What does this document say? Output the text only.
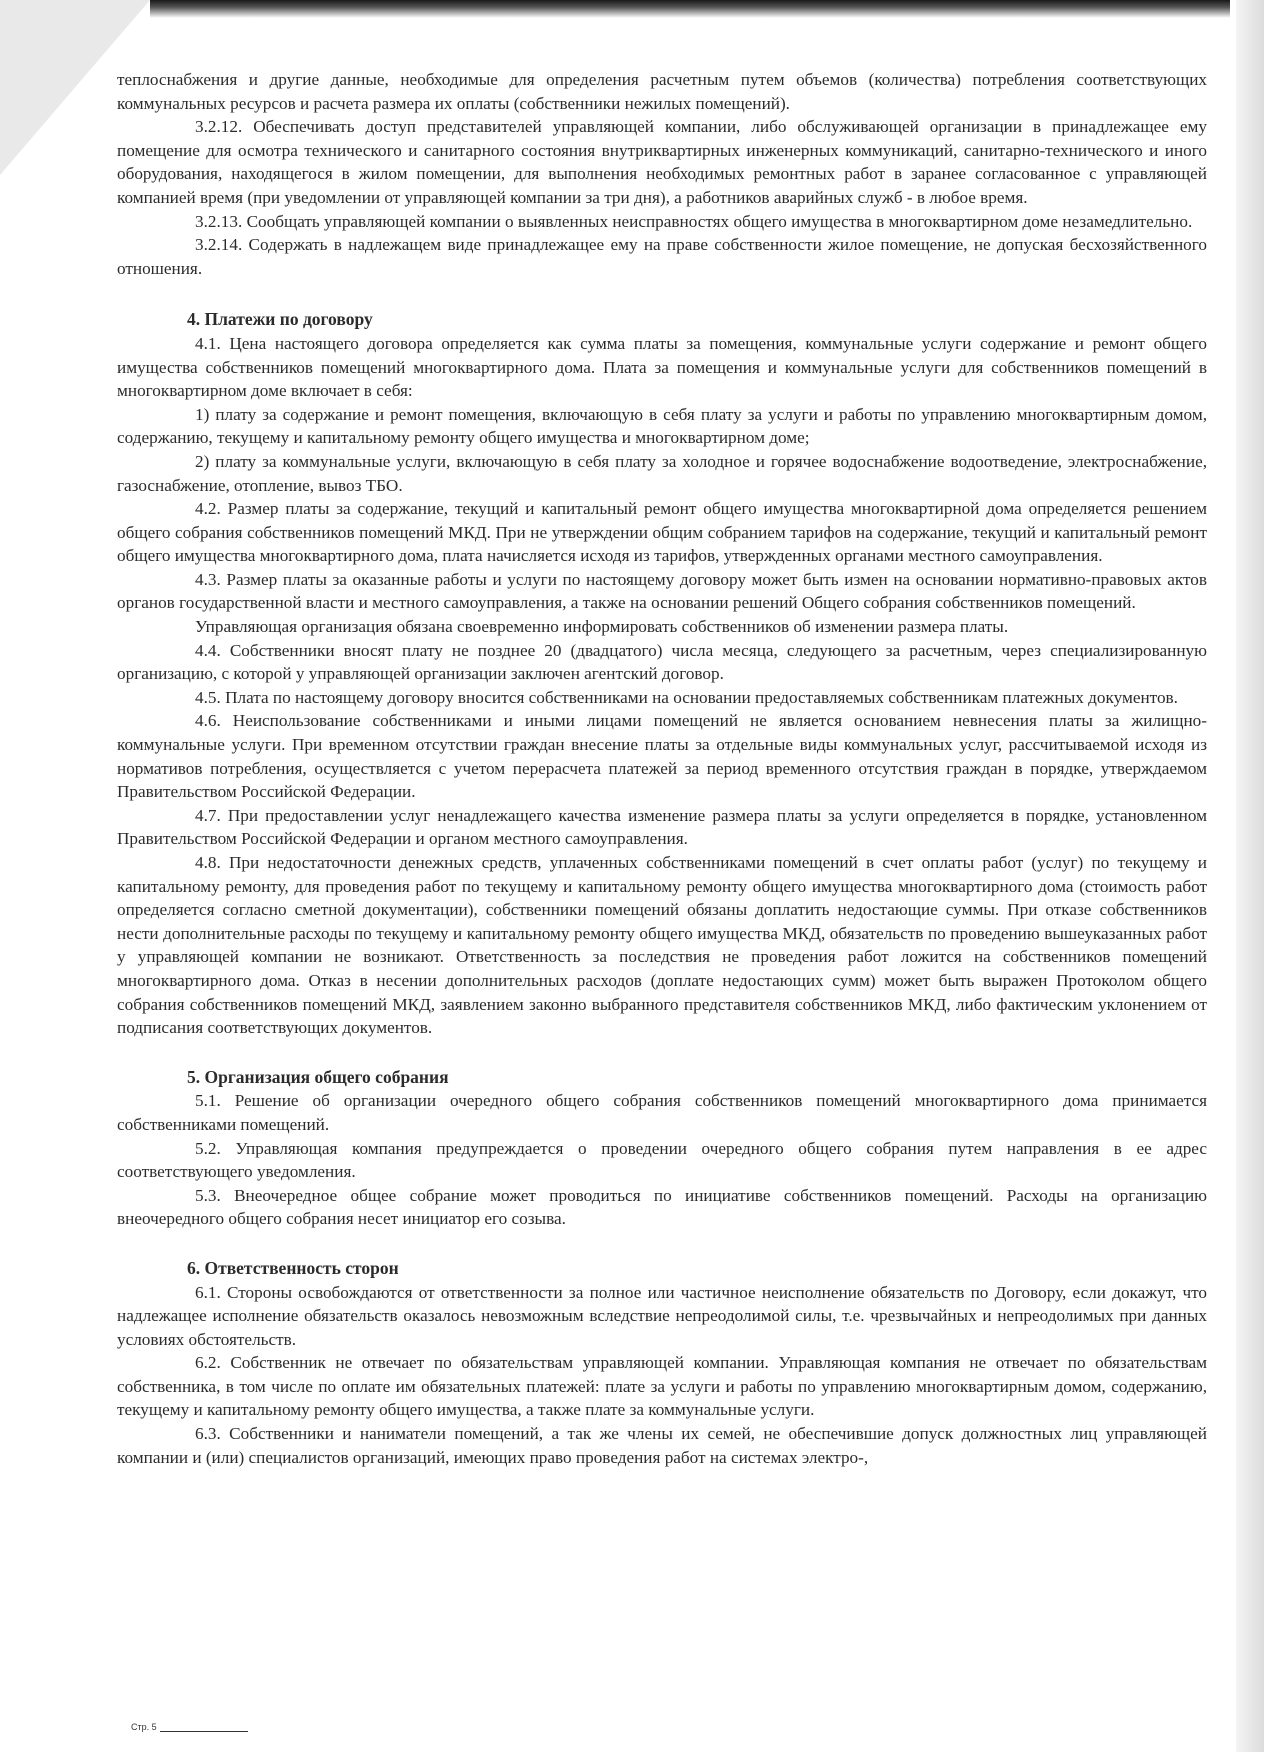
теплоснабжения и другие данные, необходимые для определения расчетным путем объемов (количества) потребления соответствующих коммунальных ресурсов и расчета размера их оплаты (собственники нежилых помещений).

3.2.12. Обеспечивать доступ представителей управляющей компании, либо обслуживающей организации в принадлежащее ему помещение для осмотра технического и санитарного состояния внутриквартирных инженерных коммуникаций, санитарно-технического и иного оборудования, находящегося в жилом помещении, для выполнения необходимых ремонтных работ в заранее согласованное с управляющей компанией время (при уведомлении от управляющей компании за три дня), а работников аварийных служб - в любое время.

3.2.13. Сообщать управляющей компании о выявленных неисправностях общего имущества в многоквартирном доме незамедлительно.

3.2.14. Содержать в надлежащем виде принадлежащее ему на праве собственности жилое помещение, не допуская бесхозяйственного отношения.

4. Платежи по договору

4.1. Цена настоящего договора определяется как сумма платы за помещения, коммунальные услуги содержание и ремонт общего имущества собственников помещений многоквартирного дома. Плата за помещения и коммунальные услуги для собственников помещений в многоквартирном доме включает в себя:

1) плату за содержание и ремонт помещения, включающую в себя плату за услуги и работы по управлению многоквартирным домом, содержанию, текущему и капитальному ремонту общего имущества и многоквартирном доме;

2) плату за коммунальные услуги, включающую в себя плату за холодное и горячее водоснабжение водоотведение, электроснабжение, газоснабжение, отопление, вывоз ТБО.

4.2. Размер платы за содержание, текущий и капитальный ремонт общего имущества многоквартирной дома определяется решением общего собрания собственников помещений МКД. При не утверждении общим собранием тарифов на содержание, текущий и капитальный ремонт общего имущества многоквартирного дома, плата начисляется исходя из тарифов, утвержденных органами местного самоуправления.

4.3. Размер платы за оказанные работы и услуги по настоящему договору может быть измен на основании нормативно-правовых актов органов государственной власти и местного самоуправления, а также на основании решений Общего собрания собственников помещений.

Управляющая организация обязана своевременно информировать собственников об изменении размера платы.

4.4. Собственники вносят плату не позднее 20 (двадцатого) числа месяца, следующего за расчетным, через специализированную организацию, с которой у управляющей организации заключен агентский договор.

4.5. Плата по настоящему договору вносится собственниками на основании предоставляемых собственникам платежных документов.

4.6. Неиспользование собственниками и иными лицами помещений не является основанием невнесения платы за жилищно-коммунальные услуги. При временном отсутствии граждан внесение платы за отдельные виды коммунальных услуг, рассчитываемой исходя из нормативов потребления, осуществляется с учетом перерасчета платежей за период временного отсутствия граждан в порядке, утверждаемом Правительством Российской Федерации.

4.7. При предоставлении услуг ненадлежащего качества изменение размера платы за услуги определяется в порядке, установленном Правительством Российской Федерации и органом местного самоуправления.

4.8. При недостаточности денежных средств, уплаченных собственниками помещений в счет оплаты работ (услуг) по текущему и капитальному ремонту, для проведения работ по текущему и капитальному ремонту общего имущества многоквартирного дома (стоимость работ определяется согласно сметной документации), собственники помещений обязаны доплатить недостающие суммы. При отказе собственников нести дополнительные расходы по текущему и капитальному ремонту общего имущества МКД, обязательств по проведению вышеуказанных работ у управляющей компании не возникают. Ответственность за последствия не проведения работ ложится на собственников помещений многоквартирного дома. Отказ в несении дополнительных расходов (доплате недостающих сумм) может быть выражен Протоколом общего собрания собственников помещений МКД, заявлением законно выбранного представителя собственников МКД, либо фактическим уклонением от подписания соответствующих документов.

5. Организация общего собрания

5.1. Решение об организации очередного общего собрания собственников помещений многоквартирного дома принимается собственниками помещений.

5.2. Управляющая компания предупреждается о проведении очередного общего собрания путем направления в ее адрес соответствующего уведомления.

5.3. Внеочередное общее собрание может проводиться по инициативе собственников помещений. Расходы на организацию внеочередного общего собрания несет инициатор его созыва.

6. Ответственность сторон

6.1. Стороны освобождаются от ответственности за полное или частичное неисполнение обязательств по Договору, если докажут, что надлежащее исполнение обязательств оказалось невозможным вследствие непреодолимой силы, т.е. чрезвычайных и непреодолимых при данных условиях обстоятельств.

6.2. Собственник не отвечает по обязательствам управляющей компании. Управляющая компания не отвечает по обязательствам собственника, в том числе по оплате им обязательных платежей: плате за услуги и работы по управлению многоквартирным домом, содержанию, текущему и капитальному ремонту общего имущества, а также плате за коммунальные услуги.

6.3. Собственники и наниматели помещений, а так же члены их семей, не обеспечившие допуск должностных лиц управляющей компании и (или) специалистов организаций, имеющих право проведения работ на системах электро-,

Стр. 5
